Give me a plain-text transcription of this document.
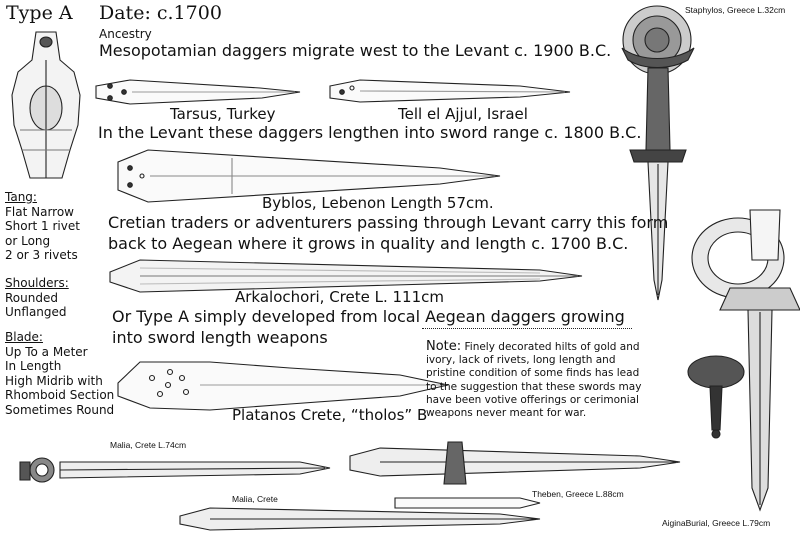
Type A Date: c.1700
Ancestry
Mesopotamian daggers migrate west to the Levant c. 1900 B.C.
Tarsus, Turkey	Tell el Ajjul, Israel
In the Levant these daggers lengthen into sword range c. 1800 B.C.
Byblos, Lebenon Length 57cm.
Cretian traders or adventurers passing through Levant carry this form
back to Aegean where it grows in quality and length c. 1700 B.C.
Arkalochori, Crete L. 111cm
Or Type A simply developed from local Aegean daggers growing
into sword length weapons
Platanos Crete, “tholos” B
Staphylos, Greece L.32cm
Malia, Crete L.74cm
Malia, Crete	Theben, Greece L.88cm
AiginaBurial, Greece L.79cm
Tang:
Flat Narrow
Short 1 rivet
or Long
2 or 3 rivets
Shoulders:
Rounded
Unflanged
Blade:
Up To a Meter
In Length
High Midrib with
Rhomboid Section
Sometimes Round
Note: Finely decorated hilts of gold and ivory, lack of rivets, long length and pristine condition of some finds has lead to the suggestion that these swords may have been votive offerings or cerimonial weapons never meant for war.
